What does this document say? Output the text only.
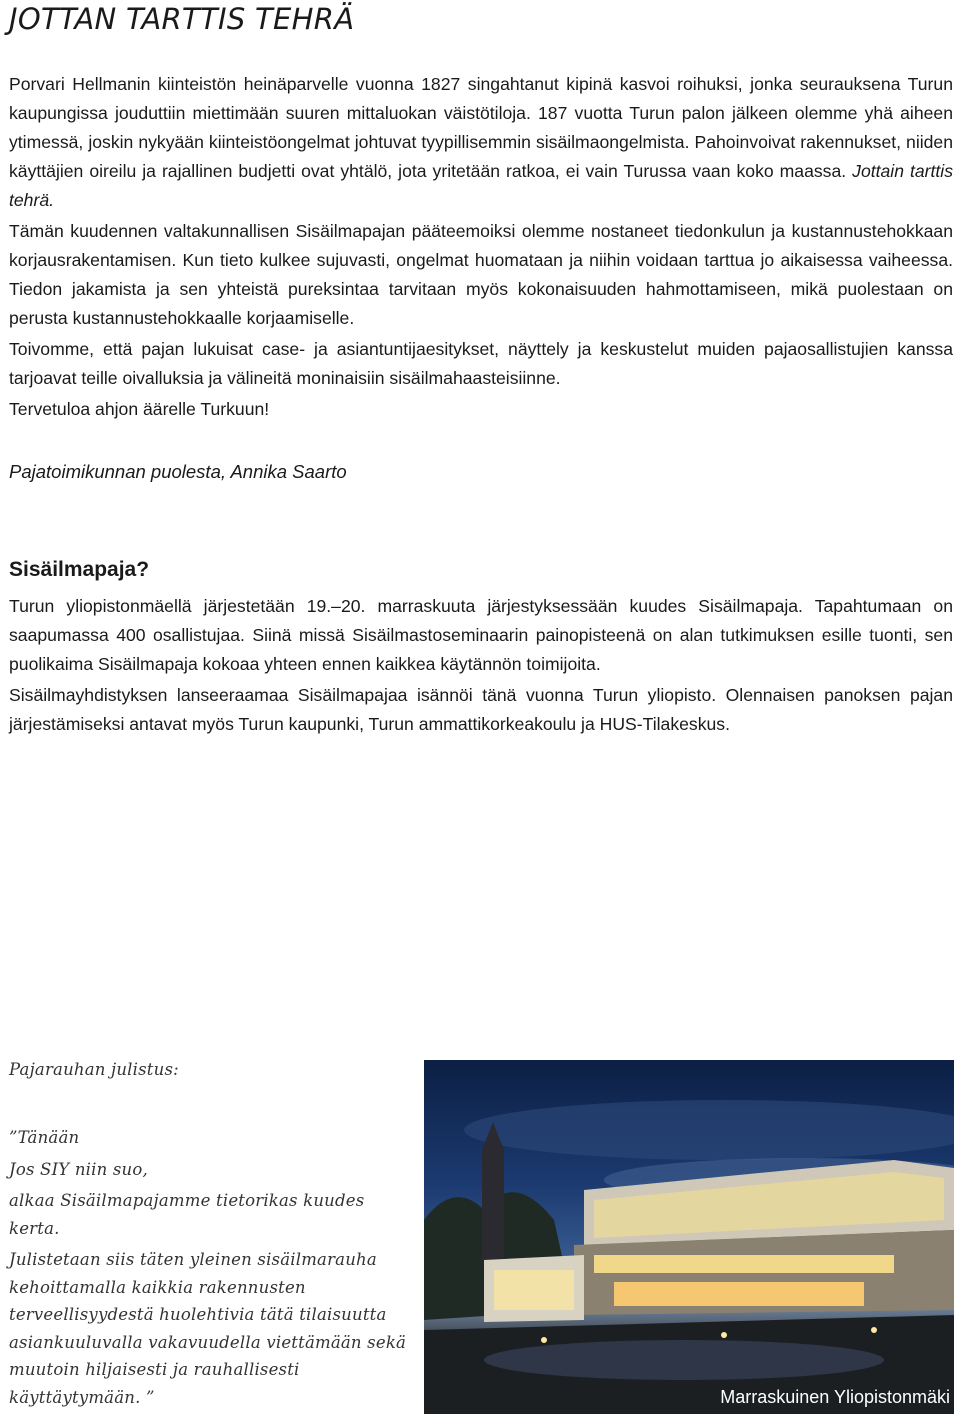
JOTTAN TARTTIS TEHRÄ

Porvari Hellmanin kiinteistön heinäparvelle vuonna 1827 singahtanut kipinä kasvoi roihuksi, jonka seurauksena Turun kaupungissa jouduttiin miettimään suuren mittaluokan väistötiloja. 187 vuotta Turun palon jälkeen olemme yhä aiheen ytimessä, joskin nykyään kiinteistöongelmat johtuvat tyypillisemmin sisäilmaongelmista. Pahoinvoivat rakennukset, niiden käyttäjien oireilu ja rajallinen budjetti ovat yhtälö, jota yritetään ratkoa, ei vain Turussa vaan koko maassa. Jottain tarttis tehrä.

Tämän kuudennen valtakunnallisen Sisäilmapajan pääteemoiksi olemme nostaneet tiedonkulun ja kustannustehokkaan korjausrakentamisen. Kun tieto kulkee sujuvasti, ongelmat huomataan ja niihin voidaan tarttua jo aikaisessa vaiheessa. Tiedon jakamista ja sen yhteistä pureksintaa tarvitaan myös kokonaisuuden hahmottamiseen, mikä puolestaan on perusta kustannustehokkaalle korjaamiselle.

Toivomme, että pajan lukuisat case- ja asiantuntijaesitykset, näyttely ja keskustelut muiden pajaosallistujien kanssa tarjoavat teille oivalluksia ja välineitä moninaisiin sisäilmahaasteisiinne.

Tervetuloa ahjon äärelle Turkuun!

Pajatoimikunnan puolesta, Annika Saarto

Sisäilmapaja?

Turun yliopistonmäellä järjestetään 19.–20. marraskuuta järjestyksessään kuudes Sisäilmapaja. Tapahtumaan on saapumassa 400 osallistujaa. Siinä missä Sisäilmastoseminaarin painopisteenä on alan tutkimuksen esille tuonti, sen puolikaima Sisäilmapaja kokoaa yhteen ennen kaikkea käytännön toimijoita.

Sisäilmayhdistyksen lanseeraamaa Sisäilmapajaa isännöi tänä vuonna Turun yliopisto. Olennaisen panoksen pajan järjestämiseksi antavat myös Turun kaupunki, Turun ammattikorkeakoulu ja HUS-Tilakeskus.

Pajarauhan julistus:

”Tänään

Jos SIY niin suo,

alkaa Sisäilmapajamme tietorikas kuudes kerta.

Julistetaan siis täten yleinen sisäilmarauha kehoittamalla kaikkia rakennusten terveellisyydestä huolehtivia tätä tilaisuutta asiankuuluvalla vakavuudella viettämään sekä muutoin hiljaisesti ja rauhallisesti käyttäytymään. ”	Marraskuinen Yliopistonmäki
